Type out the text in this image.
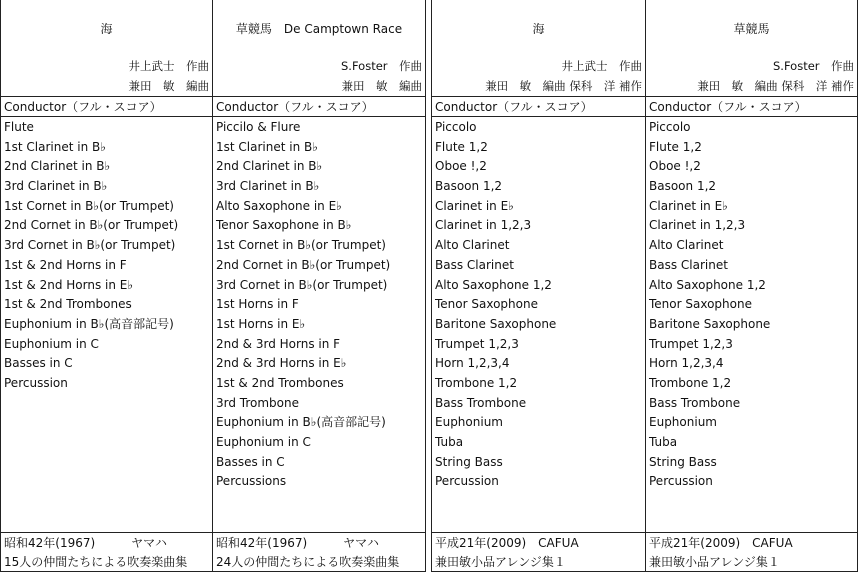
海
井上武士　作曲
兼田　敏　編曲
Conductor（フル・スコア）
Flute
1st Clarinet in B♭
2nd Clarinet in B♭
3rd Clarinet in B♭
1st Cornet in B♭(or Trumpet)
2nd Cornet in B♭(or Trumpet)
3rd Cornet in B♭(or Trumpet)
1st & 2nd Horns in F
1st & 2nd Horns in E♭
1st & 2nd Trombones
Euphonium in B♭(高音部記号)
Euphonium in C
Basses in C
Percussion
昭和42年(1967)　　　ヤマハ
15人の仲間たちによる吹奏楽曲集
草競馬　De Camptown Race
S.Foster　作曲
兼田　敏　編曲
Conductor（フル・スコア）
Piccilo & Flure
1st Clarinet in B♭
2nd Clarinet in B♭
3rd Clarinet in B♭
Alto Saxophone in E♭
Tenor Saxophone in B♭
1st Cornet in B♭(or Trumpet)
2nd Cornet in B♭(or Trumpet)
3rd Cornet in B♭(or Trumpet)
1st Horns in F
1st Horns in E♭
2nd & 3rd Horns in F
2nd & 3rd Horns in E♭
1st & 2nd Trombones
3rd Trombone
Euphonium in B♭(高音部記号)
Euphonium in C
Basses in C
Percussions
昭和42年(1967)　　　ヤマハ
24人の仲間たちによる吹奏楽曲集
海
井上武士　作曲
兼田　敏　編曲 保科　洋 補作
Conductor（フル・スコア）
Piccolo
Flute 1,2
Oboe !,2
Basoon 1,2
Clarinet in E♭
Clarinet in 1,2,3
Alto Clarinet
Bass Clarinet
Alto Saxophone 1,2
Tenor Saxophone
Baritone Saxophone
Trumpet 1,2,3
Horn 1,2,3,4
Trombone 1,2
Bass Trombone
Euphonium
Tuba
String Bass
Percussion
平成21年(2009)　CAFUA
兼田敏小品アレンジ集１
草競馬
S.Foster　作曲
兼田　敏　編曲 保科　洋 補作
Conductor（フル・スコア）
Piccolo
Flute 1,2
Oboe !,2
Basoon 1,2
Clarinet in E♭
Clarinet in 1,2,3
Alto Clarinet
Bass Clarinet
Alto Saxophone 1,2
Tenor Saxophone
Baritone Saxophone
Trumpet 1,2,3
Horn 1,2,3,4
Trombone 1,2
Bass Trombone
Euphonium
Tuba
String Bass
Percussion
平成21年(2009)　CAFUA
兼田敏小品アレンジ集１
